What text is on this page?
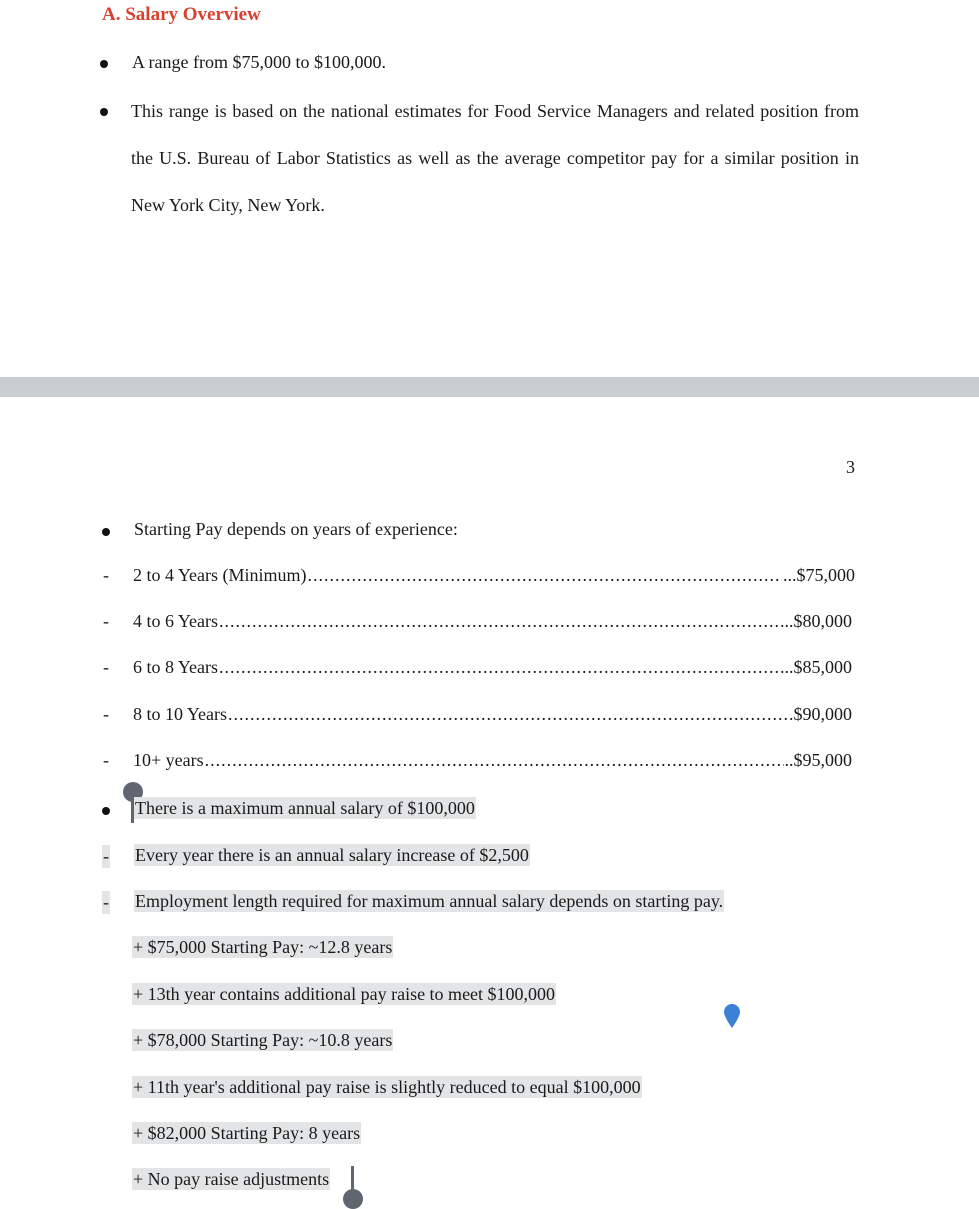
A. Salary Overview
A range from $75,000 to $100,000.
This range is based on the national estimates for Food Service Managers and related position from the U.S. Bureau of Labor Statistics as well as the average competitor pay for a similar position in New York City, New York.
3
Starting Pay depends on years of experience:
- 2 to 4 Years (Minimum) .....	...$75,000
- 4 to 6 Years .....	..$80,000
- 6 to 8 Years .....	..$85,000
- 8 to 10 Years .....	$90,000
- 10+ years .....	..$95,000
There is a maximum annual salary of $100,000
- Every year there is an annual salary increase of $2,500
- Employment length required for maximum annual salary depends on starting pay.
+ $75,000 Starting Pay: ~12.8 years
+ 13th year contains additional pay raise to meet $100,000
+ $78,000 Starting Pay: ~10.8 years
+ 11th year's additional pay raise is slightly reduced to equal $100,000
+ $82,000 Starting Pay: 8 years
+ No pay raise adjustments
